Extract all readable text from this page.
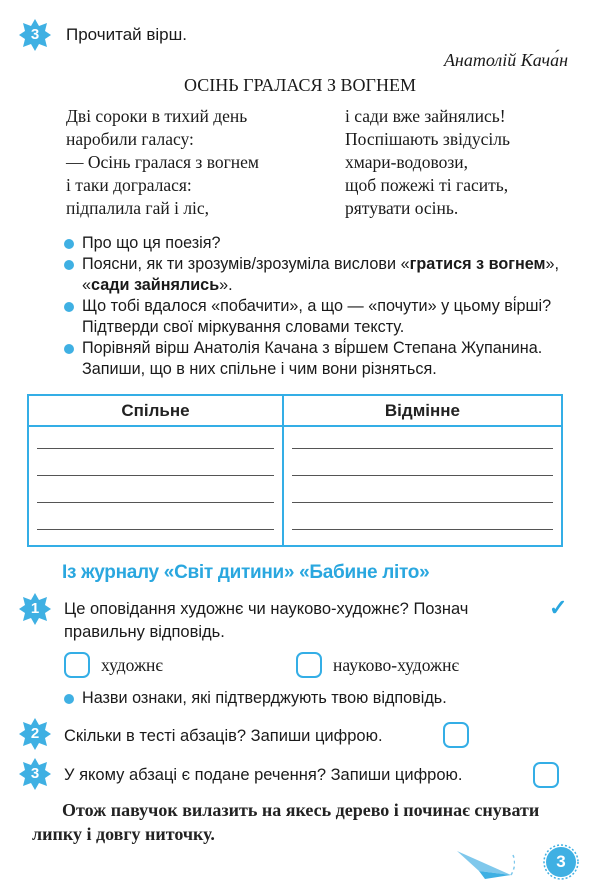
3	Прочитай вірш.
Анатолій Кача́н
ОСІНЬ ГРАЛАСЯ З ВОГНЕМ
Дві сороки в тихий день
наробили галасу:
— Осінь гралася з вогнем
і таки догралася:
підпалила гай і ліс,
і сади вже зайнялись!
Поспішають звідусіль
хмари-водовози,
щоб пожежі ті гасить,
рятувати осінь.

Про що ця поезія?

Поясни, як ти зрозумів/зрозуміла вислови «гратися з вогнем», «сади зайнялись».

Що тобі вдалося «побачити», а що — «почути» у цьому ві́рші? Підтверди свої міркування словами тексту.

Порівняй вірш Анатолія Качана з ві́ршем Степана Жупанина. Запиши, що в них спільне і чим вони різняться.

Спільне	Відмінне

Із журналу «Світ дитини» «Бабине літо»
1	Це оповідання художнє чи науково-художнє? Познач	✓
правильну відповідь.
художнє	науково-художнє

Назви ознаки, які підтверджують твою відповідь.

2	Скільки в тесті абзаців? Запиши цифрою.
3	У якому абзаці є подане речення? Запиши цифрою.
Отож павучок вилазить на якесь дерево і починає снувати липку і довгу ниточку.
3
